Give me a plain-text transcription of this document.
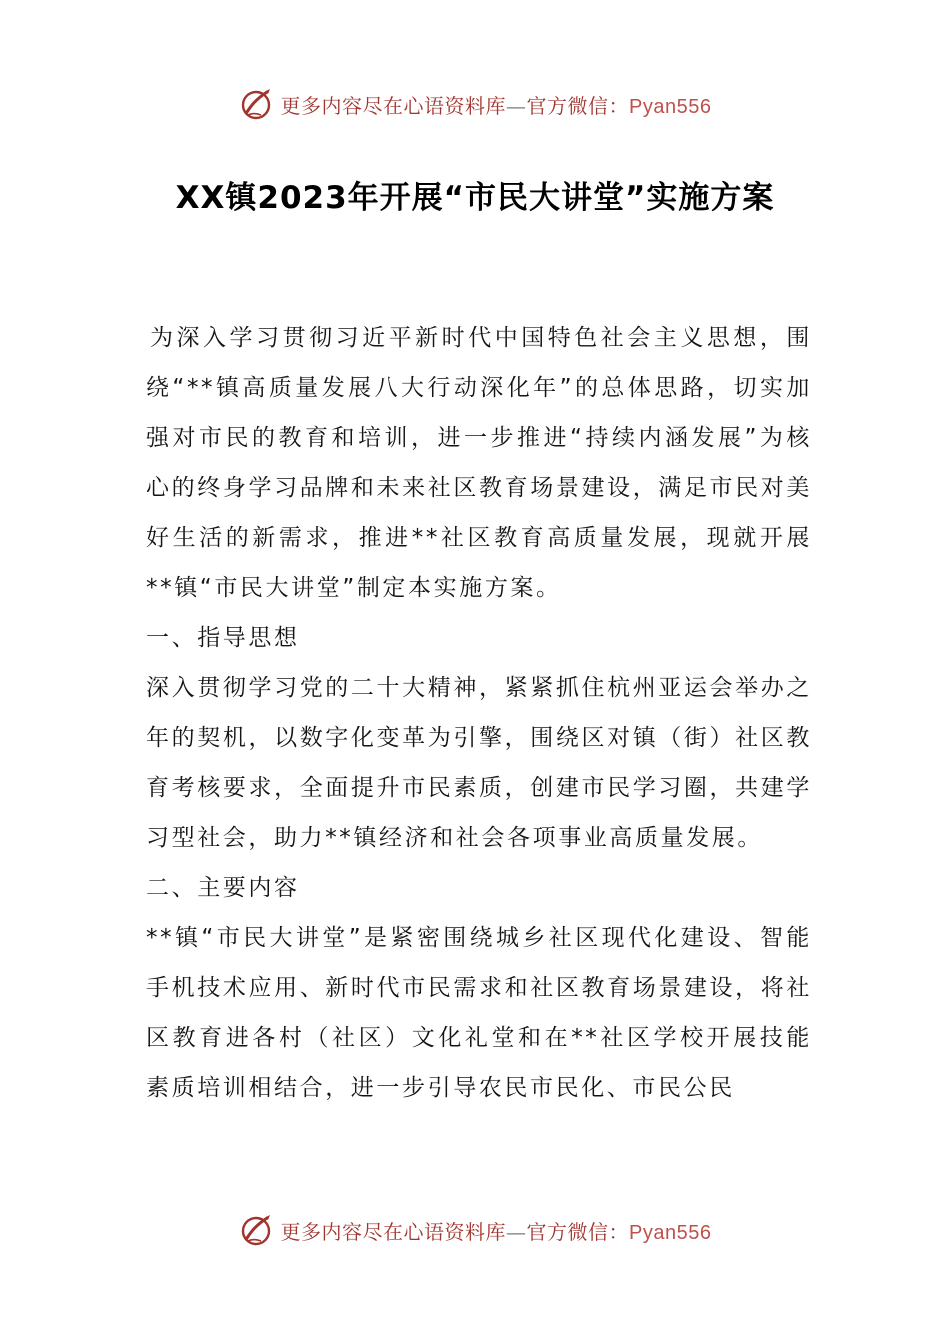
更多内容尽在心语资料库—官方微信：Pyan556
XX镇2023年开展“市民大讲堂”实施方案

为深入学习贯彻习近平新时代中国特色社会主义思想，围绕“**镇高质量发展八大行动深化年”的总体思路，切实加强对市民的教育和培训，进一步推进“持续内涵发展”为核心的终身学习品牌和未来社区教育场景建设，满足市民对美好生活的新需求，推进**社区教育高质量发展，现就开展**镇“市民大讲堂”制定本实施方案。

一、指导思想

深入贯彻学习党的二十大精神，紧紧抓住杭州亚运会举办之年的契机，以数字化变革为引擎，围绕区对镇（街）社区教育考核要求，全面提升市民素质，创建市民学习圈，共建学习型社会，助力**镇经济和社会各项事业高质量发展。

二、主要内容

**镇“市民大讲堂”是紧密围绕城乡社区现代化建设、智能手机技术应用、新时代市民需求和社区教育场景建设，将社区教育进各村（社区）文化礼堂和在**社区学校开展技能素质培训相结合，进一步引导农民市民化、市民公民

更多内容尽在心语资料库—官方微信：Pyan556
